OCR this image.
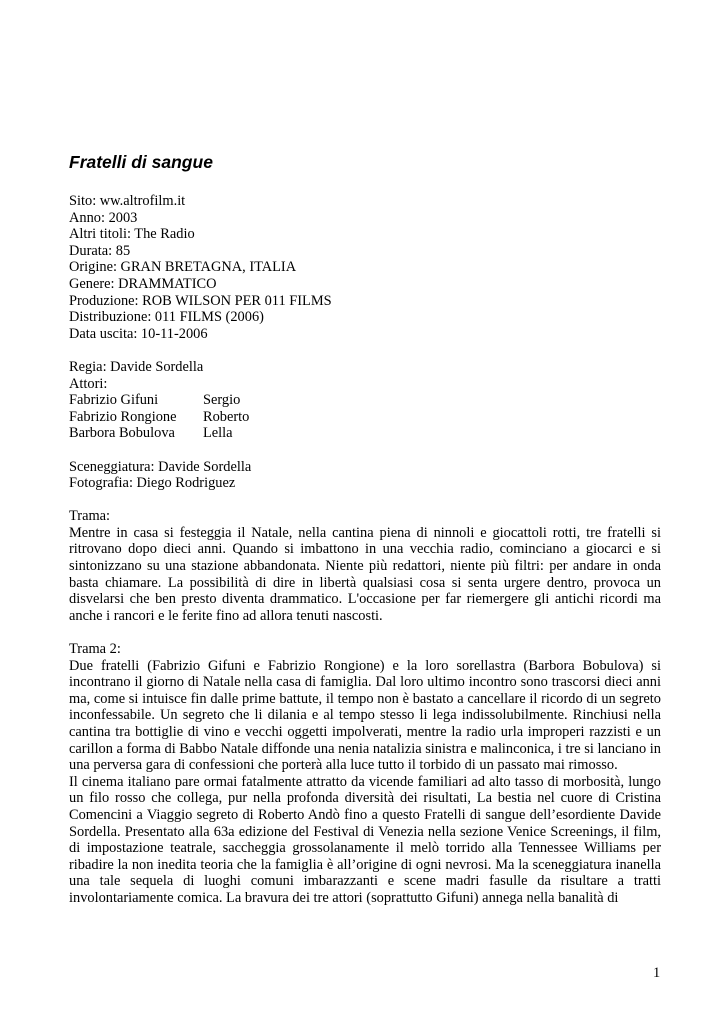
Fratelli di sangue
Sito: ww.altrofilm.it
Anno: 2003
Altri titoli: The Radio
Durata: 85
Origine: GRAN BRETAGNA, ITALIA
Genere: DRAMMATICO
Produzione: ROB WILSON PER 011 FILMS
Distribuzione: 011 FILMS (2006)
Data uscita: 10-11-2006
Regia: Davide Sordella
Attori:
Fabrizio Gifuni	Sergio
Fabrizio Rongione	Roberto
Barbora Bobulova	Lella
Sceneggiatura: Davide Sordella
Fotografia: Diego Rodriguez
Trama:

Mentre in casa si festeggia il Natale, nella cantina piena di ninnoli e giocattoli rotti, tre fratelli si ritrovano dopo dieci anni. Quando si imbattono in una vecchia radio, cominciano a giocarci e si sintonizzano su una stazione abbandonata. Niente più redattori, niente più filtri: per andare in onda basta chiamare. La possibilità di dire in libertà qualsiasi cosa si senta urgere dentro, provoca un disvelarsi che ben presto diventa drammatico. L'occasione per far riemergere gli antichi ricordi ma anche i rancori e le ferite fino ad allora tenuti nascosti.

Trama 2:

Due fratelli (Fabrizio Gifuni e Fabrizio Rongione) e la loro sorellastra (Barbora Bobulova) si incontrano il giorno di Natale nella casa di famiglia. Dal loro ultimo incontro sono trascorsi dieci anni ma, come si intuisce fin dalle prime battute, il tempo non è bastato a cancellare il ricordo di un segreto inconfessabile. Un segreto che li dilania e al tempo stesso li lega indissolubilmente. Rinchiusi nella cantina tra bottiglie di vino e vecchi oggetti impolverati, mentre la radio urla improperi razzisti e un carillon a forma di Babbo Natale diffonde una nenia natalizia sinistra e malinconica, i tre si lanciano in una perversa gara di confessioni che porterà alla luce tutto il torbido di un passato mai rimosso.

Il cinema italiano pare ormai fatalmente attratto da vicende familiari ad alto tasso di morbosità, lungo un filo rosso che collega, pur nella profonda diversità dei risultati, La bestia nel cuore di Cristina Comencini a Viaggio segreto di Roberto Andò fino a questo Fratelli di sangue dell’esordiente Davide Sordella. Presentato alla 63a edizione del Festival di Venezia nella sezione Venice Screenings, il film, di impostazione teatrale, saccheggia grossolanamente il melò torrido alla Tennessee Williams per ribadire la non inedita teoria che la famiglia è all’origine di ogni nevrosi. Ma la sceneggiatura inanella una tale sequela di luoghi comuni imbarazzanti e scene madri fasulle da risultare a tratti involontariamente comica. La bravura dei tre attori (soprattutto Gifuni) annega nella banalità di

1
